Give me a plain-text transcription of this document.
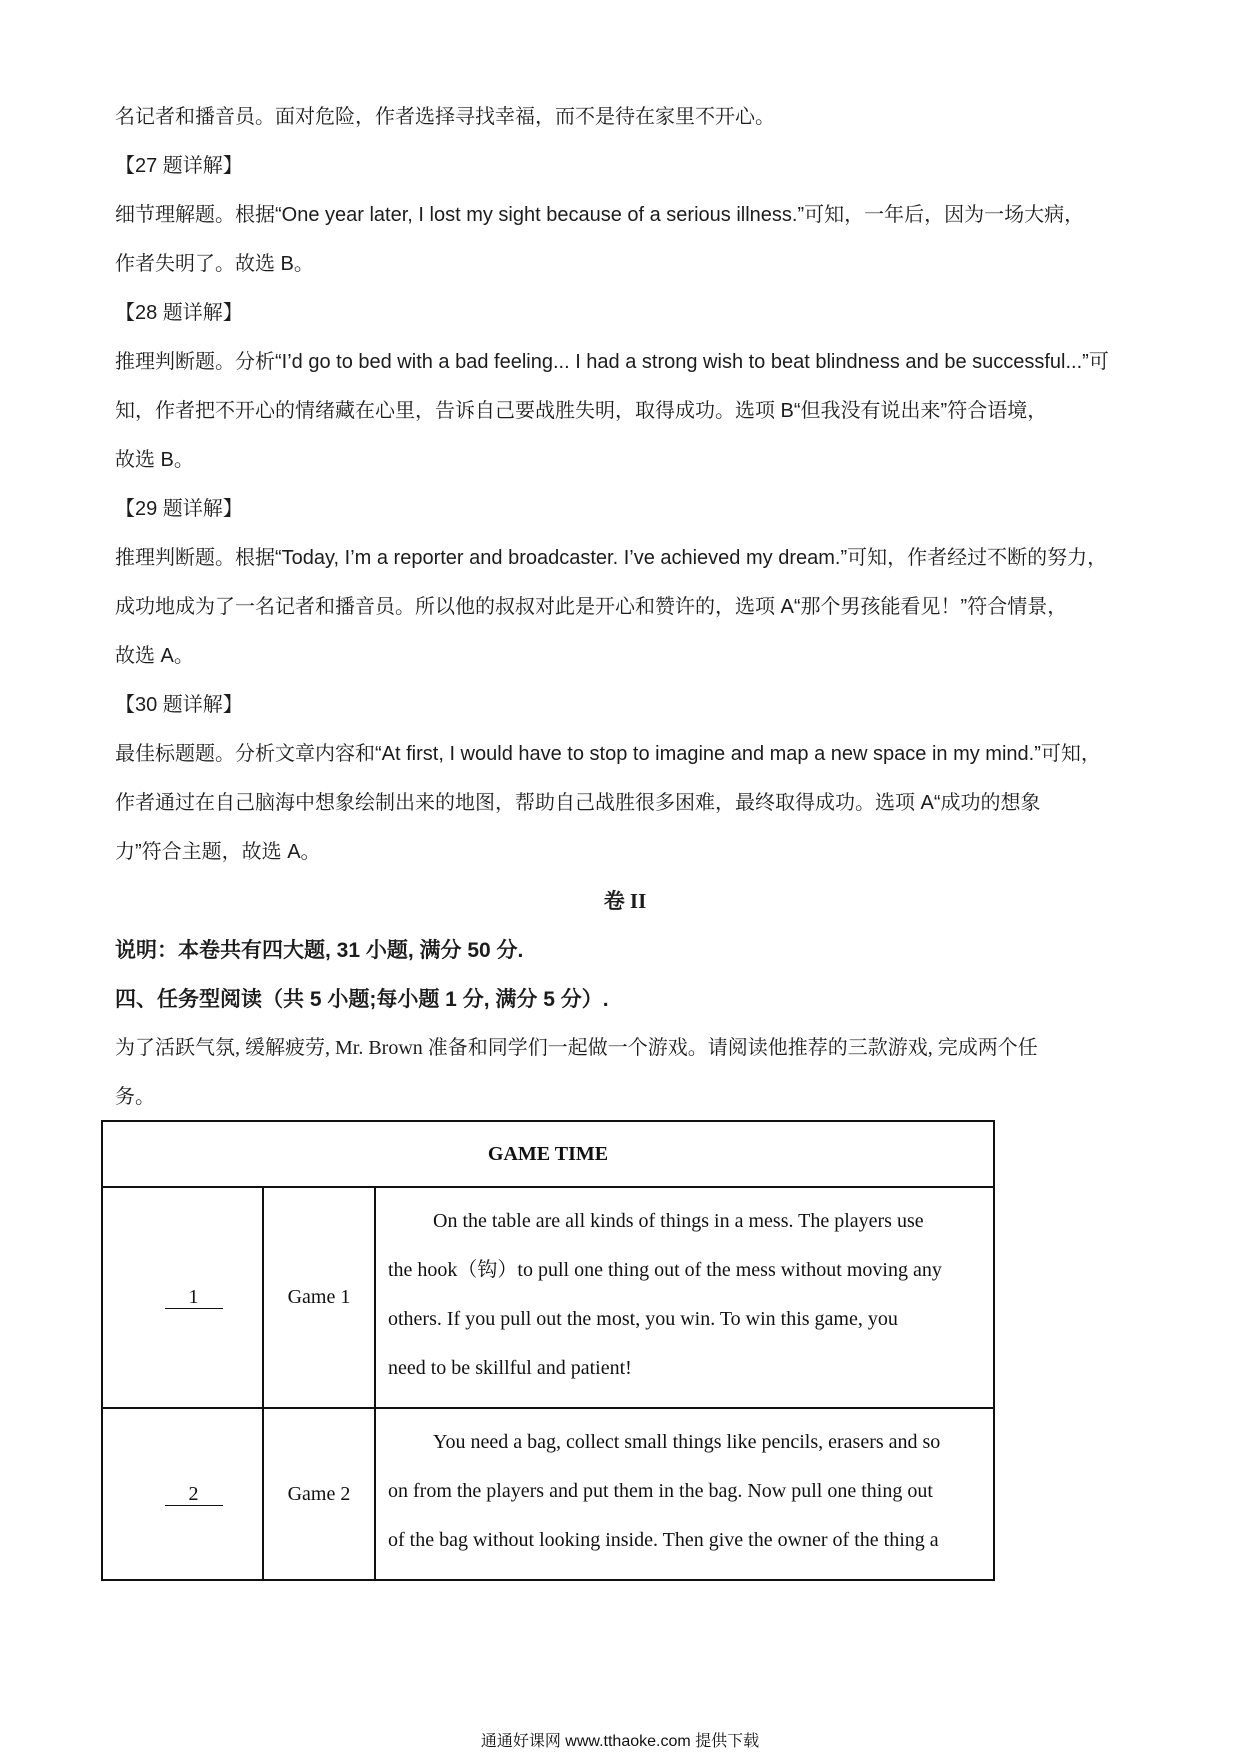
名记者和播音员。面对危险，作者选择寻找幸福，而不是待在家里不开心。
【27 题详解】
细节理解题。根据“One year later, I lost my sight because of a serious illness.”可知，一年后，因为一场大病，
作者失明了。故选 B。
【28 题详解】
推理判断题。分析“I’d go to bed with a bad feeling... I had a strong wish to beat blindness and be successful...”可
知，作者把不开心的情绪藏在心里，告诉自己要战胜失明，取得成功。选项 B“但我没有说出来”符合语境，
故选 B。
【29 题详解】
推理判断题。根据“Today, I’m a reporter and broadcaster. I’ve achieved my dream.”可知，作者经过不断的努力，
成功地成为了一名记者和播音员。所以他的叔叔对此是开心和赞许的，选项 A“那个男孩能看见！”符合情景，
故选 A。
【30 题详解】
最佳标题题。分析文章内容和“At first, I would have to stop to imagine and map a new space in my mind.”可知，
作者通过在自己脑海中想象绘制出来的地图，帮助自己战胜很多困难，最终取得成功。选项 A“成功的想象
力”符合主题，故选 A。
卷 II
说明：本卷共有四大题, 31 小题, 满分 50 分.
四、任务型阅读（共 5 小题;每小题 1 分, 满分 5 分）.
为了活跃气氛, 缓解疲劳, Mr. Brown 准备和同学们一起做一个游戏。请阅读他推荐的三款游戏, 完成两个任
务。
GAME TIME		
1	Game 1	On the table are all kinds of things in a mess. The players use
the hook（钩）to pull one thing out of the mess without moving any
others. If you pull out the most, you win. To win this game, you
need to be skillful and patient!

2	Game 2	You need a bag, collect small things like pencils, erasers and so
on from the players and put them in the bag. Now pull one thing out
of the bag without looking inside. Then give the owner of the thing a
通通好课网 www.tthaoke.com 提供下载
